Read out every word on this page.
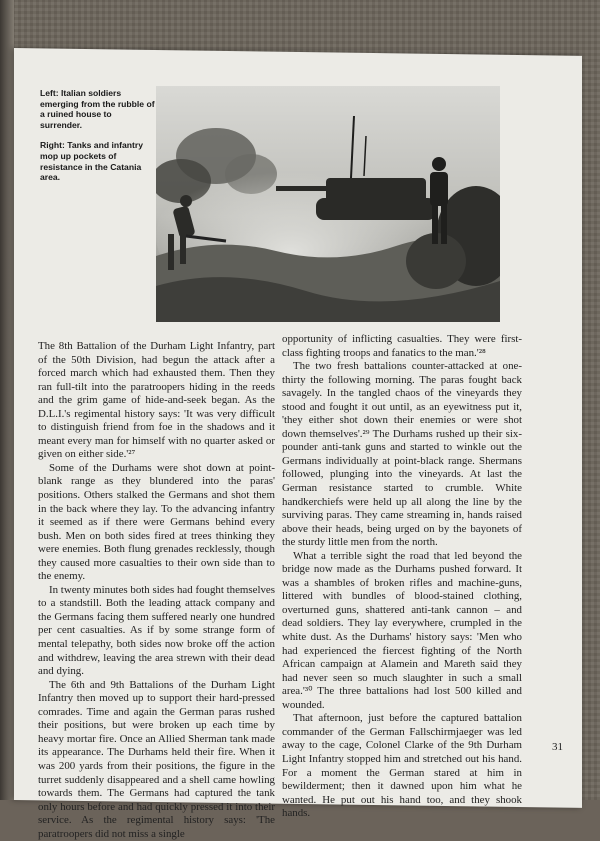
Left: Italian soldiers emerging from the rubble of a ruined house to surrender.

Right: Tanks and infantry mop up pockets of resistance in the Catania area.

The 8th Battalion of the Durham Light Infantry, part of the 50th Division, had begun the attack after a forced march which had exhausted them. Then they ran full-tilt into the paratroopers hiding in the reeds and the grim game of hide-and-seek began. As the D.L.I.'s regimental history says: 'It was very difficult to distinguish friend from foe in the shadows and it meant every man for himself with no quarter asked or given on either side.'²⁷

Some of the Durhams were shot down at point-blank range as they blundered into the paras' positions. Others stalked the Germans and shot them in the back where they lay. To the advancing infantry it seemed as if there were Germans behind every bush. Men on both sides fired at trees thinking they were enemies. Both flung grenades recklessly, though they caused more casualties to their own side than to the enemy.

In twenty minutes both sides had fought themselves to a standstill. Both the leading attack company and the Germans facing them suffered nearly one hundred per cent casualties. As if by some strange form of mental telepathy, both sides now broke off the action and withdrew, leaving the area strewn with their dead and dying.

The 6th and 9th Battalions of the Durham Light Infantry then moved up to support their hard-pressed comrades. Time and again the German paras rushed their positions, but were broken up each time by heavy mortar fire. Once an Allied Sherman tank made its appearance. The Durhams held their fire. When it was 200 yards from their positions, the figure in the turret suddenly disappeared and a shell came howling towards them. The Germans had captured the tank only hours before and had quickly pressed it into their service. As the regimental history says: 'The paratroopers did not miss a single

opportunity of inflicting casualties. They were first-class fighting troops and fanatics to the man.'²⁸

The two fresh battalions counter-attacked at one-thirty the following morning. The paras fought back savagely. In the tangled chaos of the vineyards they stood and fought it out until, as an eyewitness put it, 'they either shot down their enemies or were shot down themselves'.²⁹ The Durhams rushed up their six-pounder anti-tank guns and started to winkle out the Germans individually at point-black range. Shermans followed, plunging into the vineyards. At last the German resistance started to crumble. White handkerchiefs were held up all along the line by the surviving paras. They came streaming in, hands raised above their heads, being urged on by the bayonets of the sturdy little men from the north.

What a terrible sight the road that led beyond the bridge now made as the Durhams pushed forward. It was a shambles of broken rifles and machine-guns, littered with bundles of blood-stained clothing, overturned guns, shattered anti-tank cannon – and dead soldiers. They lay everywhere, crumpled in the white dust. As the Durhams' history says: 'Men who had experienced the fiercest fighting of the North African campaign at Alamein and Mareth said they had never seen so much slaughter in such a small area.'³⁰ The three battalions had lost 500 killed and wounded.

That afternoon, just before the captured battalion commander of the German Fallschirmjaeger was led away to the cage, Colonel Clarke of the 9th Durham Light Infantry stopped him and stretched out his hand. For a moment the German stared at him in bewilderment; then it dawned upon him what he wanted. He put out his hand too, and they shook hands.

31
